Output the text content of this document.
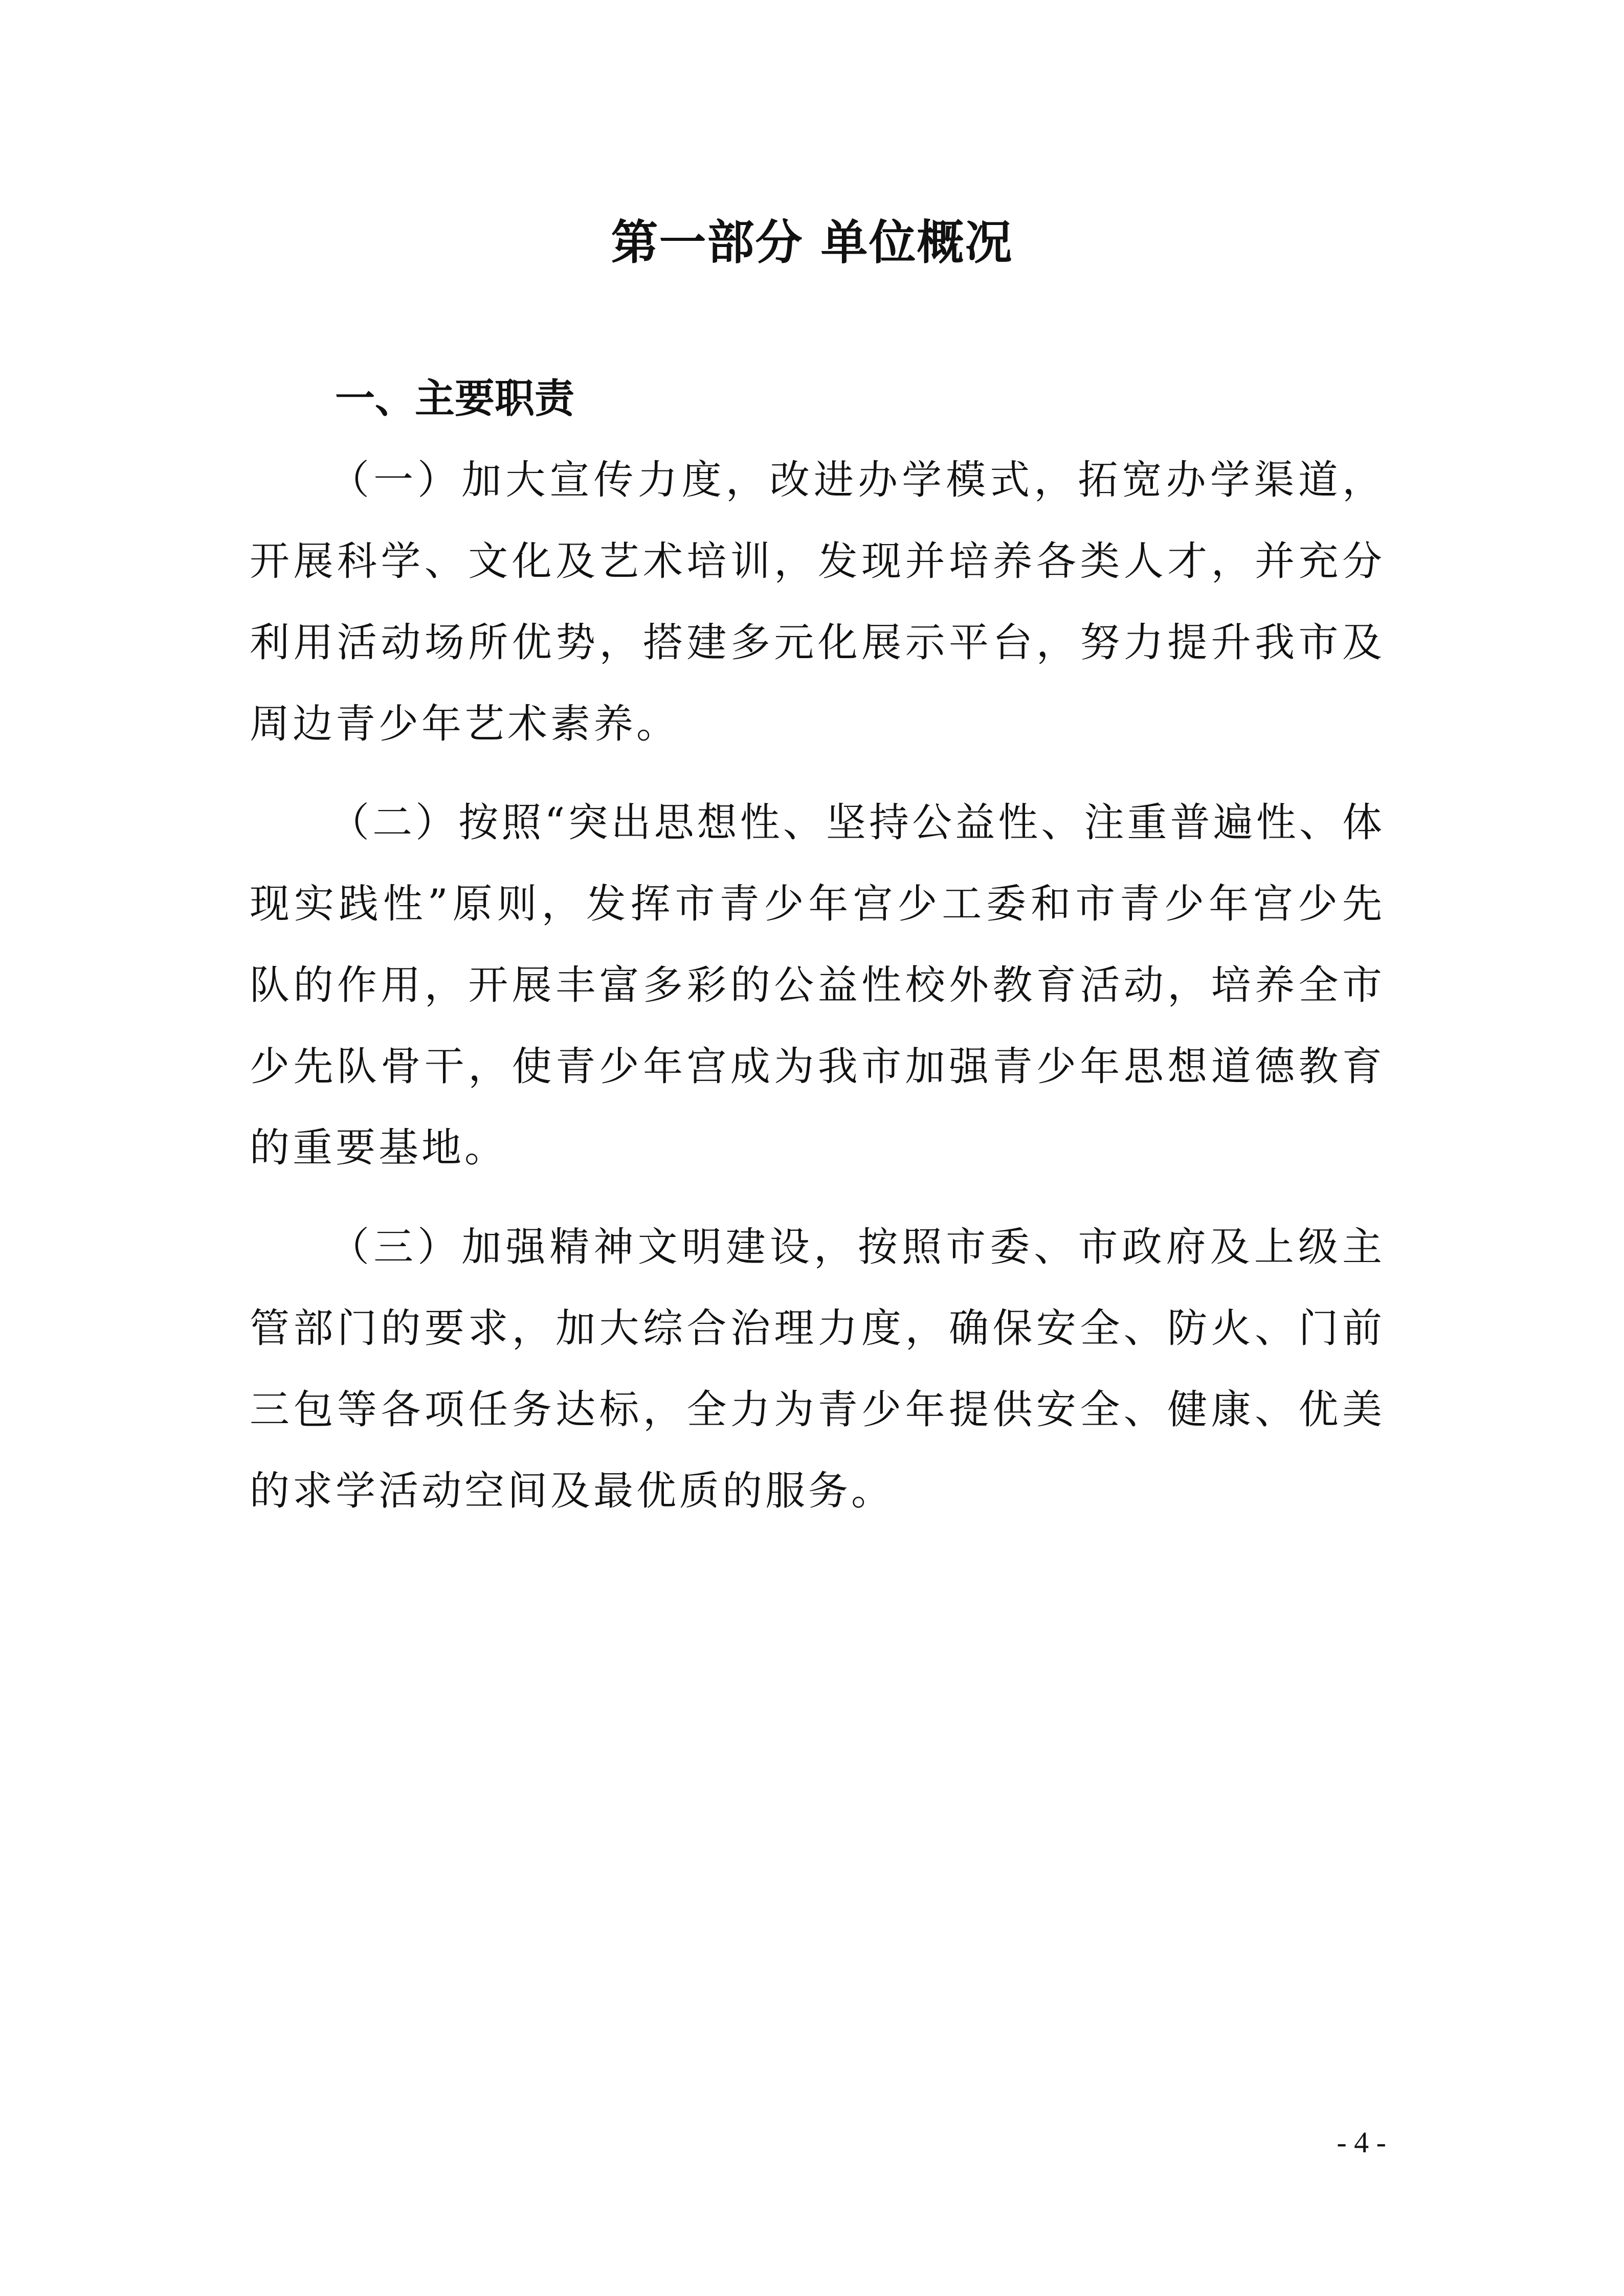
第一部分 单位概况
一、主要职责

（一）加大宣传力度，改进办学模式，拓宽办学渠道，开展科学、文化及艺术培训，发现并培养各类人才，并充分利用活动场所优势，搭建多元化展示平台，努力提升我市及周边青少年艺术素养。

（二）按照“突出思想性、坚持公益性、注重普遍性、体现实践性”原则，发挥市青少年宫少工委和市青少年宫少先队的作用，开展丰富多彩的公益性校外教育活动，培养全市少先队骨干，使青少年宫成为我市加强青少年思想道德教育的重要基地。

（三）加强精神文明建设，按照市委、市政府及上级主管部门的要求，加大综合治理力度，确保安全、防火、门前三包等各项任务达标，全力为青少年提供安全、健康、优美的求学活动空间及最优质的服务。

- 4 -
